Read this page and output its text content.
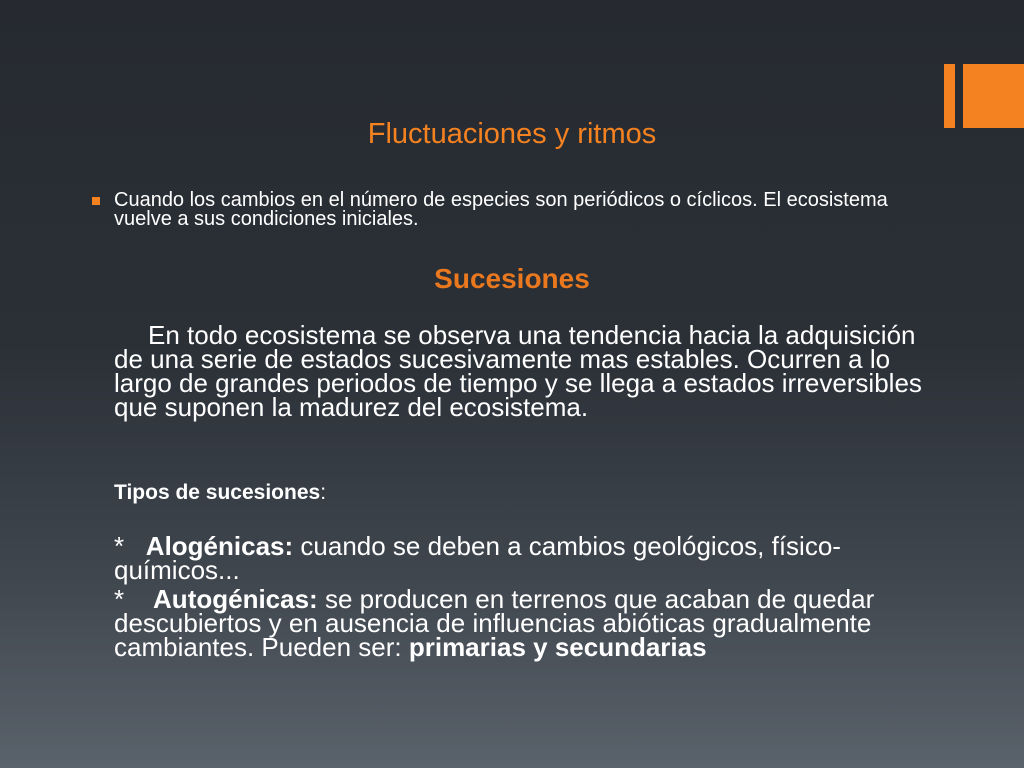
Fluctuaciones y ritmos
Cuando los cambios en el número de especies son periódicos o cíclicos. El ecosistema vuelve a sus condiciones iniciales.
Sucesiones
En todo ecosistema se observa una tendencia hacia la adquisición de una serie de estados sucesivamente mas estables. Ocurren a lo largo de grandes periodos de tiempo y se llega a estados irreversibles que suponen la madurez del ecosistema.
Tipos de sucesiones:
* Alogénicas: cuando se deben a cambios geológicos, físico-químicos...
* Autogénicas: se producen en terrenos que acaban de quedar descubiertos y en ausencia de influencias abióticas gradualmente cambiantes. Pueden ser: primarias y secundarias
